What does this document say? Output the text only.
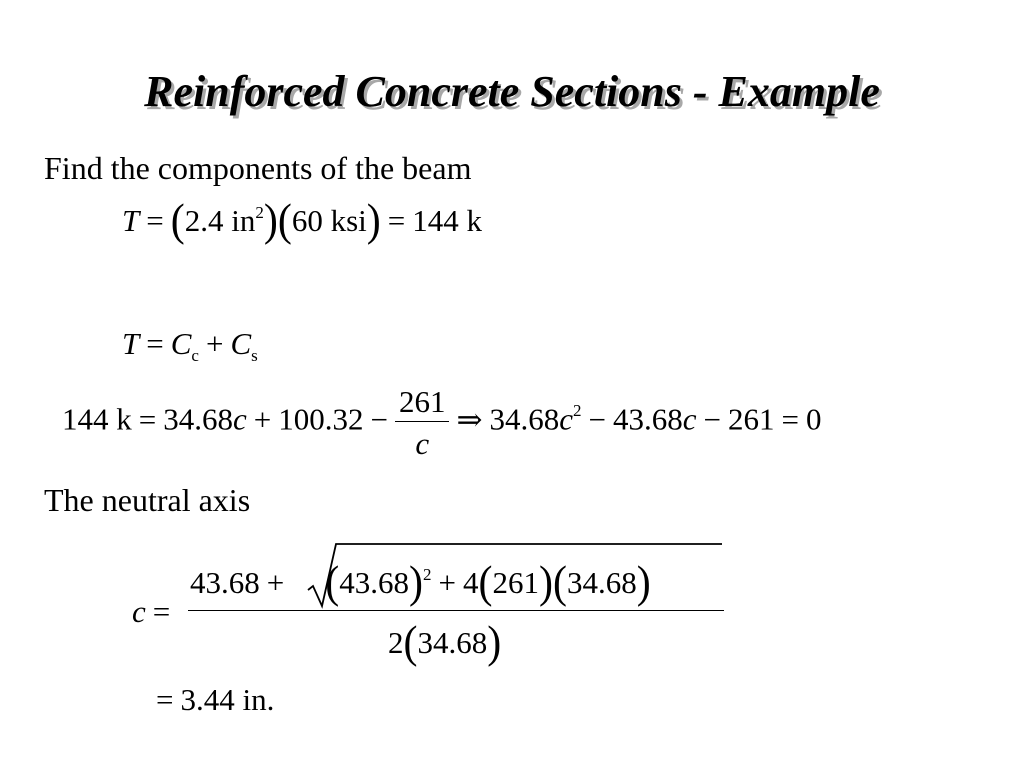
Reinforced Concrete Sections - Example
Find the components of the beam
T = (2.4 $in^2)(60$ ksi) = 144 k
$T = C_c + C_s$
144 $k = 34.68c + 100.32 - \frac{261}{c}$ ⇒ $34.68c^2 - 43.68c - 261 = 0$
The neutral axis
c =
$43.68 + (43.68)^2 + 4(261)(34.68)$
2(34.68)
= 3.44 in.
